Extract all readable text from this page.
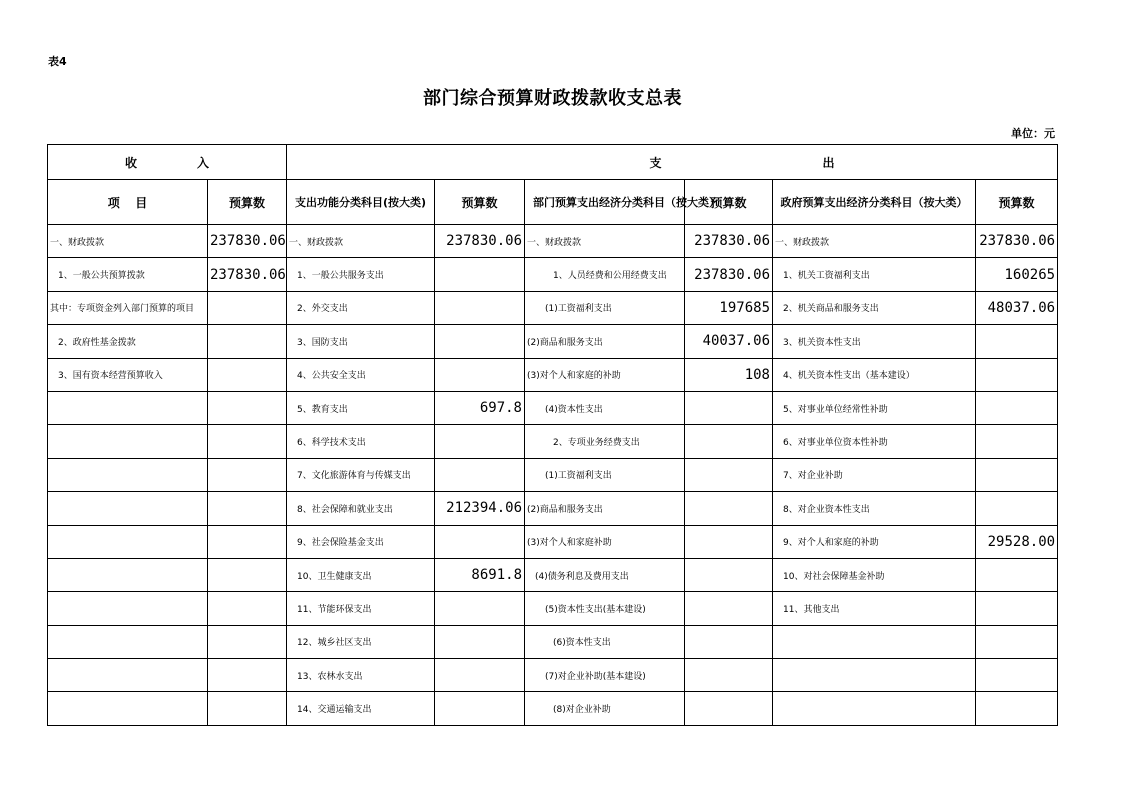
表4
部门综合预算财政拨款收支总表
单位：元
收 入		支 出					

项 目	预算数	支出功能分类科目(按大类)	预算数	部门预算支出经济分类科目（按大类）	预算数	政府预算支出经济分类科目（按大类）	预算数
一、财政拨款	237830.06	一、财政拨款	237830.06	一、财政拨款	237830.06	一、财政拨款	237830.06
1、一般公共预算拨款	237830.06	1、一般公共服务支出		1、人员经费和公用经费支出	237830.06	1、机关工资福利支出	160265
其中：专项资金列入部门预算的项目		2、外交支出		(1)工资福利支出	197685	2、机关商品和服务支出	48037.06
2、政府性基金拨款		3、国防支出		(2)商品和服务支出	40037.06	3、机关资本性支出	
3、国有资本经营预算收入		4、公共安全支出		(3)对个人和家庭的补助	108	4、机关资本性支出（基本建设）	
		5、教育支出	697.8	(4)资本性支出		5、对事业单位经常性补助	
		6、科学技术支出		2、专项业务经费支出		6、对事业单位资本性补助	
		7、文化旅游体育与传媒支出		(1)工资福利支出		7、对企业补助	
		8、社会保障和就业支出	212394.06	(2)商品和服务支出		8、对企业资本性支出	
		9、社会保险基金支出		(3)对个人和家庭补助		9、对个人和家庭的补助	29528.00
		10、卫生健康支出	8691.8	(4)债务利息及费用支出		10、对社会保障基金补助	
		11、节能环保支出		(5)资本性支出(基本建设)		11、其他支出	
		12、城乡社区支出		(6)资本性支出			
		13、农林水支出		(7)对企业补助(基本建设)			
		14、交通运输支出		(8)对企业补助			
